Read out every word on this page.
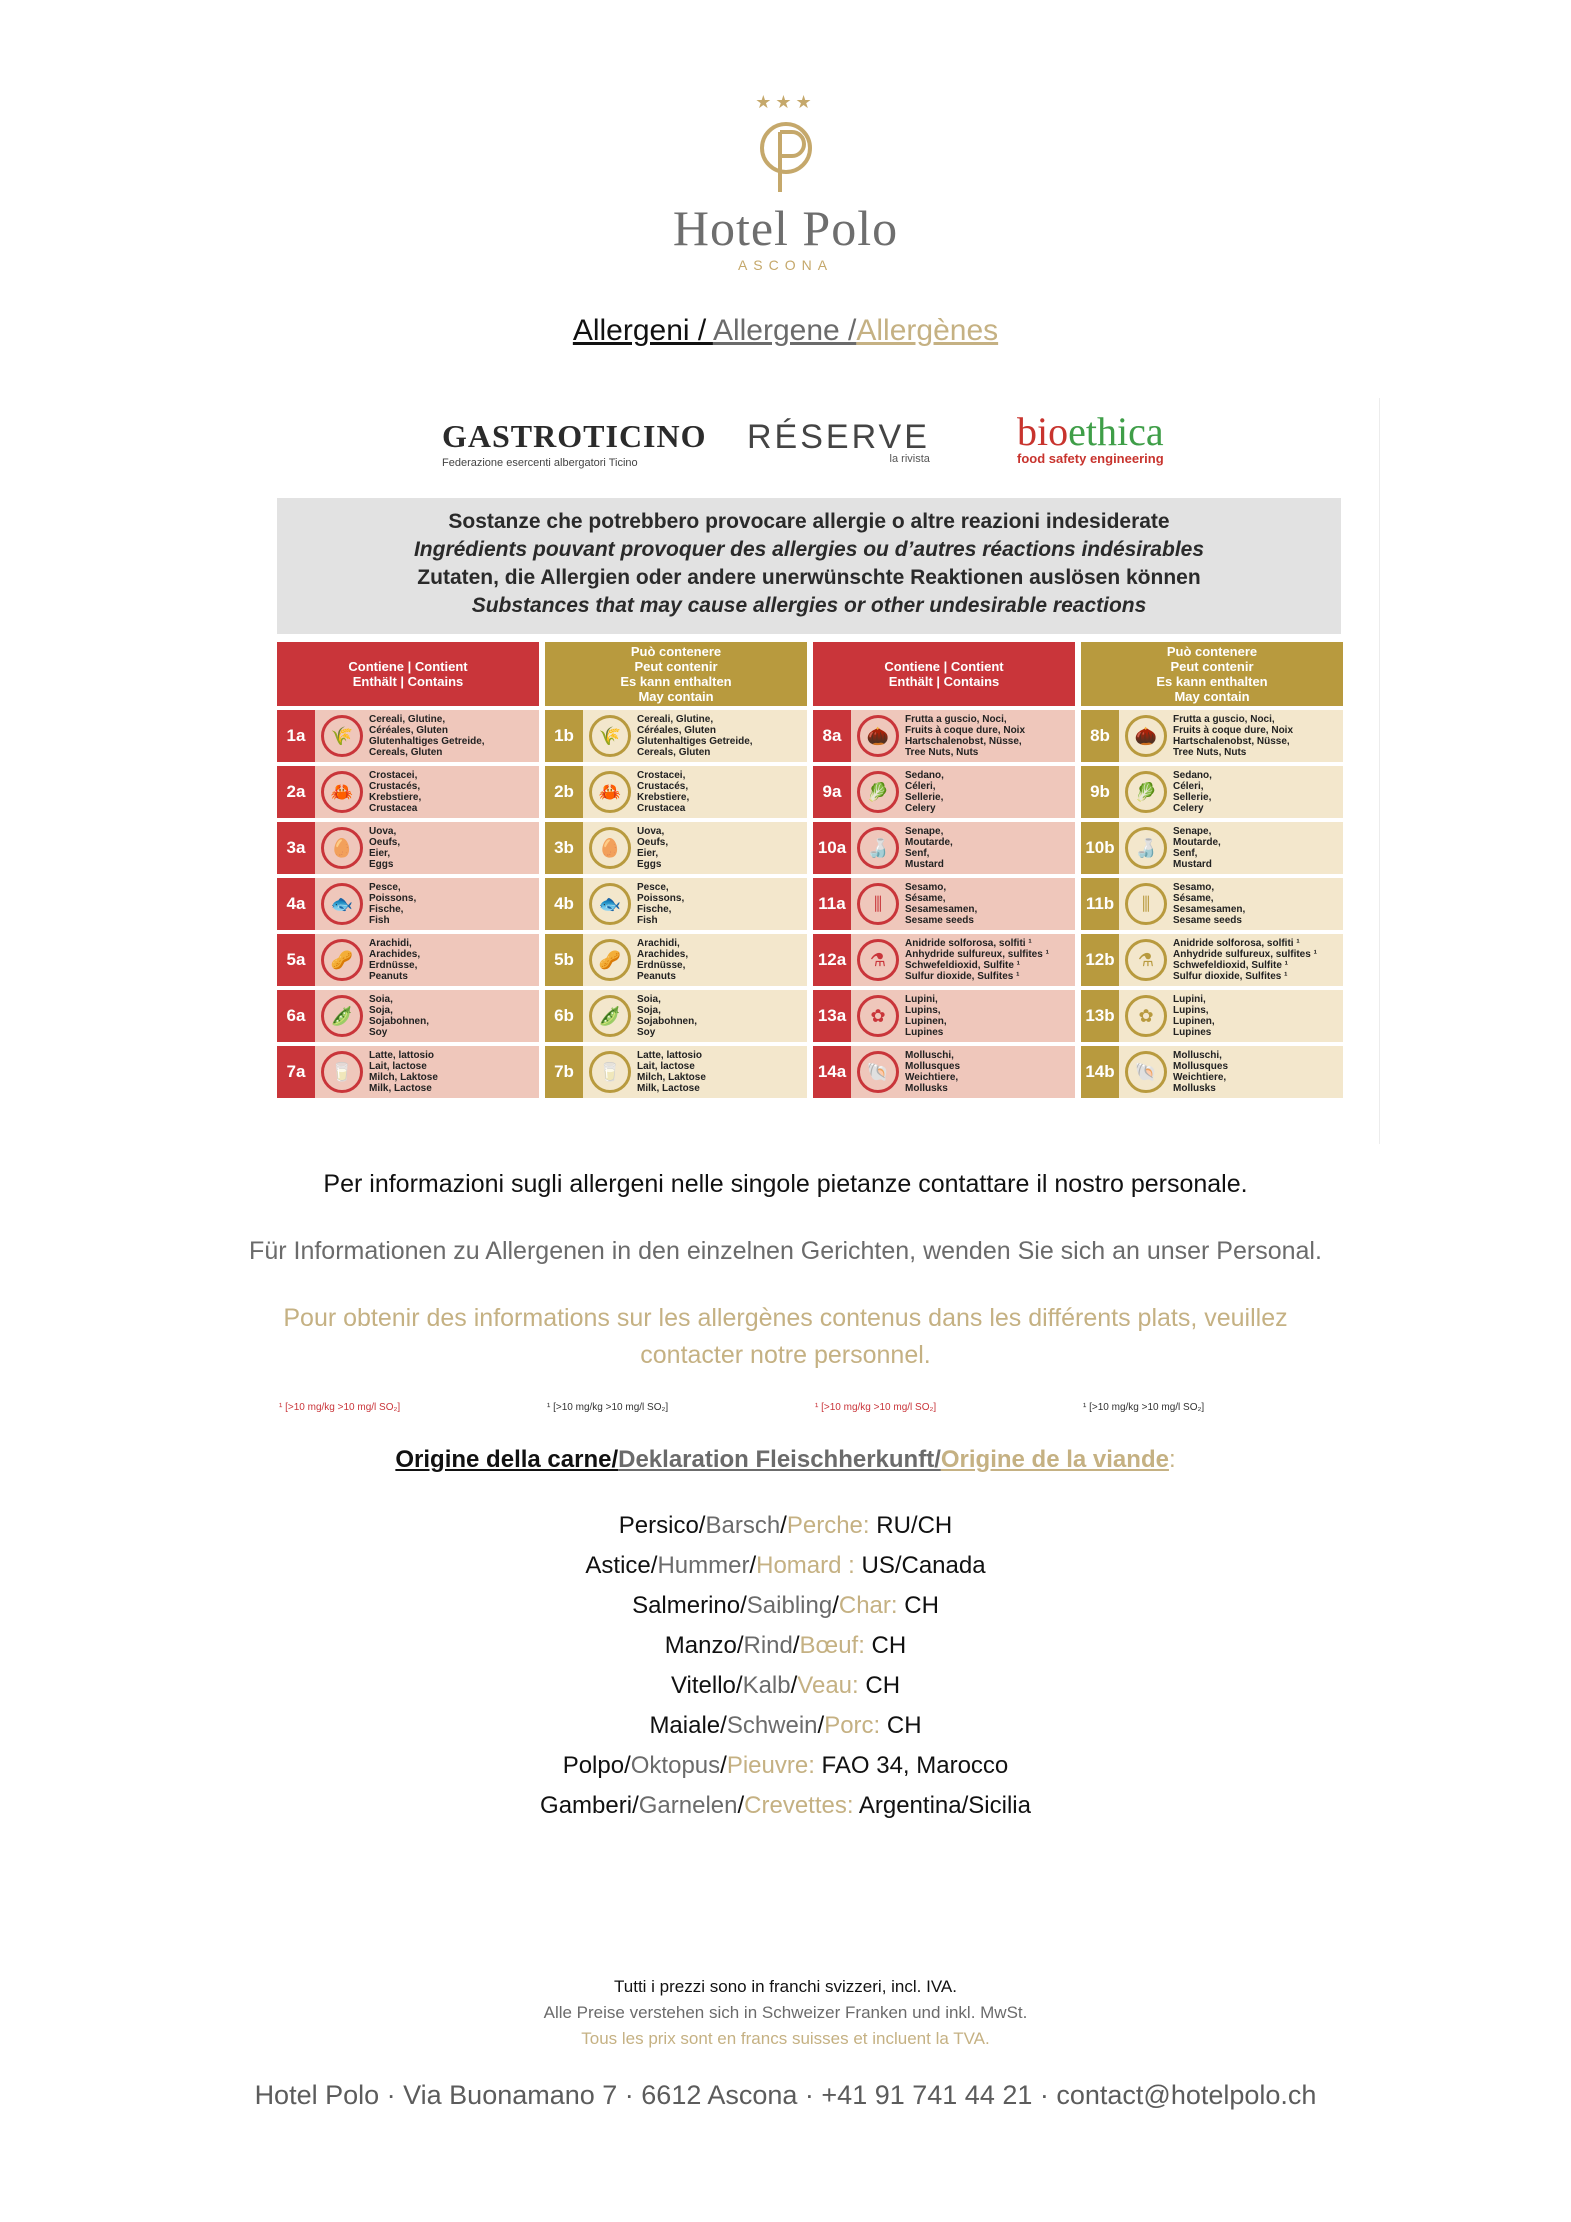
★★★
Hotel Polo
ASCONA
Allergeni / Allergene /Allergènes
GASTROTICINO
Federazione esercenti albergatori Ticino
RÉSERVE
la rivista
bioethica
food safety engineering
Sostanze che potrebbero provocare allergie o altre reazioni indesiderate
Ingrédients pouvant provoquer des allergies ou d’autres réactions indésirables
Zutaten, die Allergien oder andere unerwünschte Reaktionen auslösen können
Substances that may cause allergies or other undesirable reactions
Contiene | Contient
Enthält | Contains
1a	🌾
Cereali, Glutine,
Céréales, Gluten
Glutenhaltiges Getreide,
Cereals, Gluten
2a	🦀
Crostacei,
Crustacés,
Krebstiere,
Crustacea
3a	🥚
Uova,
Oeufs,
Eier,
Eggs
4a	🐟
Pesce,
Poissons,
Fische,
Fish
5a	🥜
Arachidi,
Arachides,
Erdnüsse,
Peanuts
6a	🫛
Soia,
Soja,
Sojabohnen,
Soy
7a	🥛
Latte, lattosio
Lait, lactose
Milch, Laktose
Milk, Lactose
¹ [>10 mg/kg >10 mg/l SO₂]
Può contenere
Peut contenir
Es kann enthalten
May contain
1b	🌾
Cereali, Glutine,
Céréales, Gluten
Glutenhaltiges Getreide,
Cereals, Gluten
2b	🦀
Crostacei,
Crustacés,
Krebstiere,
Crustacea
3b	🥚
Uova,
Oeufs,
Eier,
Eggs
4b	🐟
Pesce,
Poissons,
Fische,
Fish
5b	🥜
Arachidi,
Arachides,
Erdnüsse,
Peanuts
6b	🫛
Soia,
Soja,
Sojabohnen,
Soy
7b	🥛
Latte, lattosio
Lait, lactose
Milch, Laktose
Milk, Lactose
¹ [>10 mg/kg >10 mg/l SO₂]
Contiene | Contient
Enthält | Contains
8a	🌰
Frutta a guscio, Noci,
Fruits à coque dure, Noix
Hartschalenobst, Nüsse,
Tree Nuts, Nuts
9a	🥬
Sedano,
Céleri,
Sellerie,
Celery
10a	🍶
Senape,
Moutarde,
Senf,
Mustard
11a	⫼
Sesamo,
Sésame,
Sesamesamen,
Sesame seeds
12a	⚗
Anidride solforosa, solfiti ¹
Anhydride sulfureux, sulfites ¹
Schwefeldioxid, Sulfite ¹
Sulfur dioxide, Sulfites ¹
13a	✿
Lupini,
Lupins,
Lupinen,
Lupines
14a	🐚
Molluschi,
Mollusques
Weichtiere,
Mollusks
¹ [>10 mg/kg >10 mg/l SO₂]
Può contenere
Peut contenir
Es kann enthalten
May contain
8b	🌰
Frutta a guscio, Noci,
Fruits à coque dure, Noix
Hartschalenobst, Nüsse,
Tree Nuts, Nuts
9b	🥬
Sedano,
Céleri,
Sellerie,
Celery
10b	🍶
Senape,
Moutarde,
Senf,
Mustard
11b	⫼
Sesamo,
Sésame,
Sesamesamen,
Sesame seeds
12b	⚗
Anidride solforosa, solfiti ¹
Anhydride sulfureux, sulfites ¹
Schwefeldioxid, Sulfite ¹
Sulfur dioxide, Sulfites ¹
13b	✿
Lupini,
Lupins,
Lupinen,
Lupines
14b	🐚
Molluschi,
Mollusques
Weichtiere,
Mollusks
¹ [>10 mg/kg >10 mg/l SO₂]
Per informazioni sugli allergeni nelle singole pietanze contattare il nostro personale.
Für Informationen zu Allergenen in den einzelnen Gerichten, wenden Sie sich an unser Personal.
Pour obtenir des informations sur les allergènes contenus dans les différents plats, veuillez
contacter notre personnel.
Origine della carne/Deklaration Fleischherkunft/Origine de la viande:
Persico/Barsch/Perche: RU/CH
Astice/Hummer/Homard : US/Canada
Salmerino/Saibling/Char: CH
Manzo/Rind/Bœuf: CH
Vitello/Kalb/Veau: CH
Maiale/Schwein/Porc: CH
Polpo/Oktopus/Pieuvre: FAO 34, Marocco
Gamberi/Garnelen/Crevettes: Argentina/Sicilia
Tutti i prezzi sono in franchi svizzeri, incl. IVA.
Alle Preise verstehen sich in Schweizer Franken und inkl. MwSt.
Tous les prix sont en francs suisses et incluent la TVA.
Hotel Polo · Via Buonamano 7 · 6612 Ascona · +41 91 741 44 21 · contact@hotelpolo.ch
